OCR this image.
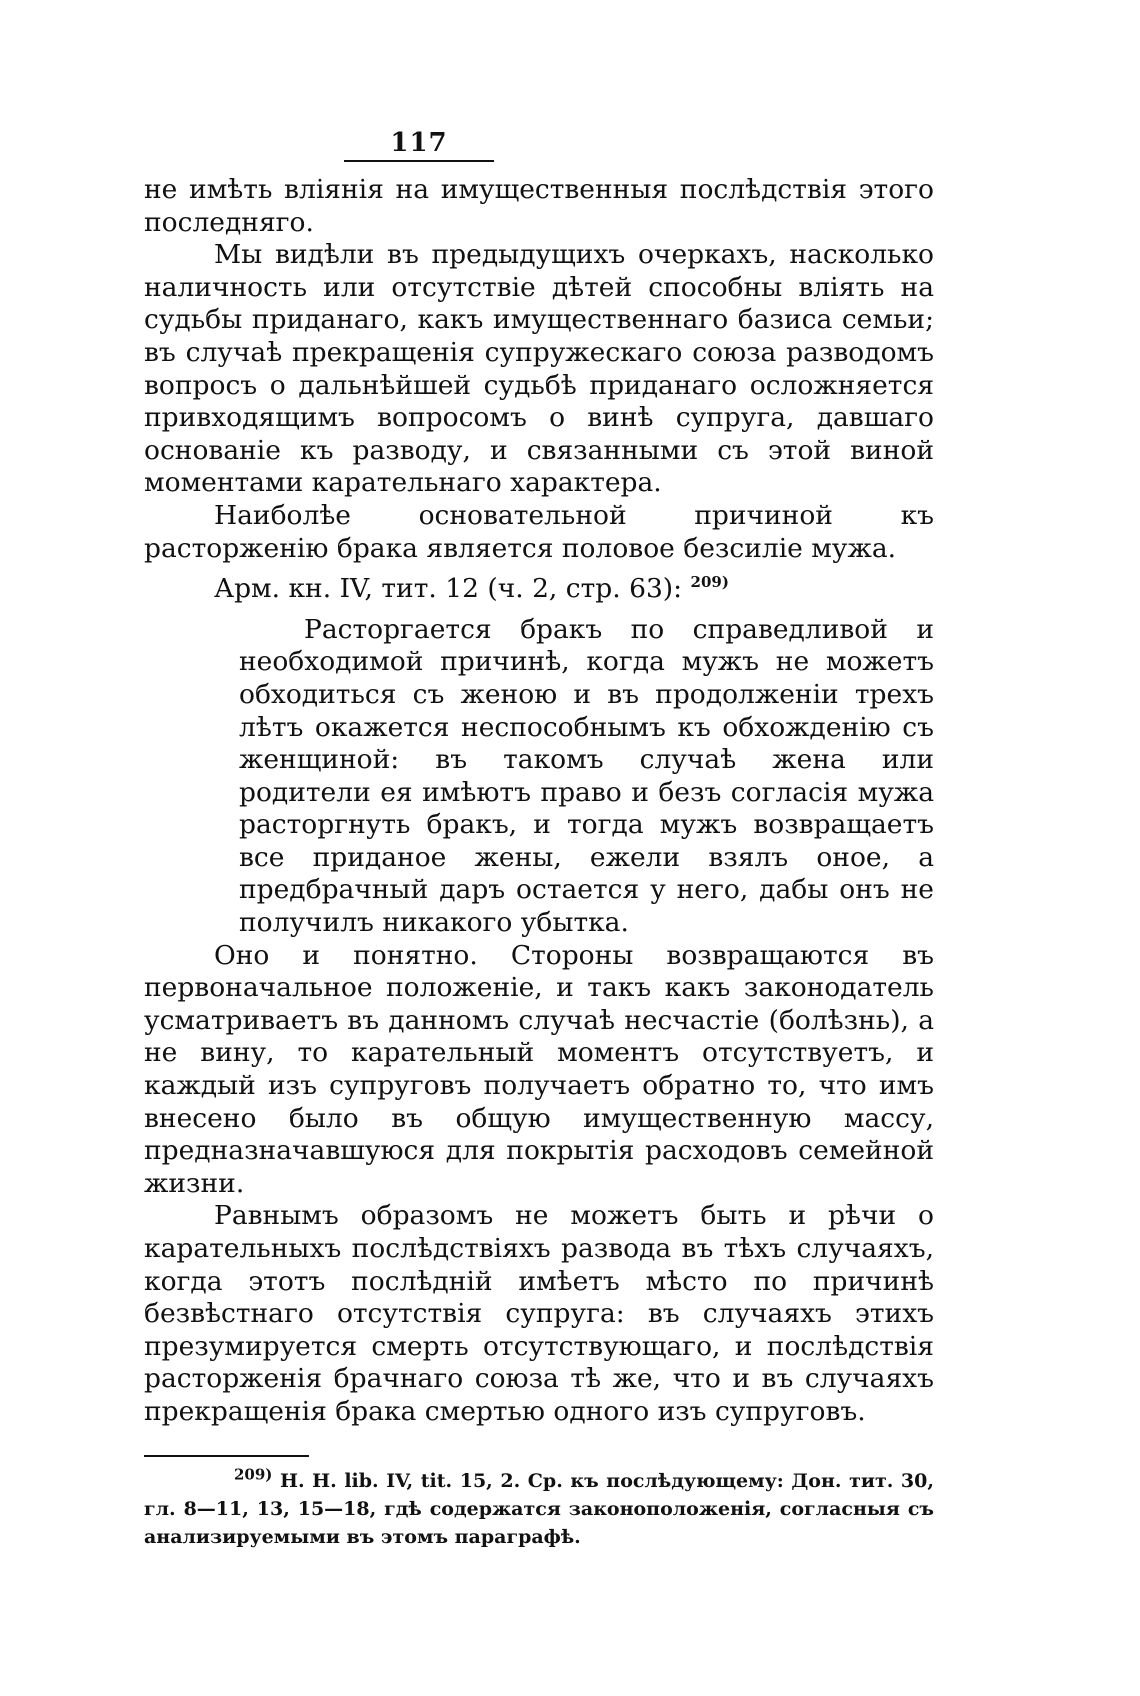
117

не имѣть вліянія на имущественныя послѣдствія этого последняго.

Мы видѣли въ предыдущихъ очеркахъ, насколько наличность или отсутствіе дѣтей способны вліять на судьбы приданаго, какъ имущественнаго базиса семьи; въ случаѣ прекращенія супружескаго союза разводомъ вопросъ о дальнѣйшей судьбѣ приданаго осложняется привходящимъ вопросомъ о винѣ супруга, давшаго основаніе къ разводу, и связанными съ этой виной моментами карательнаго характера.

Наиболѣе основательной причиной къ расторженію брака является половое безсиліе мужа.

Арм. кн. IV, тит. 12 (ч. 2, стр. 63): $^{209)}$

Расторгается бракъ по справедливой и необходимой причинѣ, когда мужъ не можетъ обходиться съ женою и въ продолженіи трехъ лѣтъ окажется неспособнымъ къ обхожденію съ женщиной: въ такомъ случаѣ жена или родители ея имѣютъ право и безъ согласія мужа расторгнуть бракъ, и тогда мужъ возвращаетъ все приданое жены, ежели взялъ оное, а предбрачный даръ остается у него, дабы онъ не получилъ никакого убытка.

Оно и понятно. Стороны возвращаются въ первоначальное положеніе, и такъ какъ законодатель усматриваетъ въ данномъ случаѣ несчастіе (болѣзнь), а не вину, то карательный моментъ отсутствуетъ, и каждый изъ супруговъ получаетъ обратно то, что имъ внесено было въ общую имущественную массу, предназначавшуюся для покрытія расходовъ семейной жизни.

Равнымъ образомъ не можетъ быть и рѣчи о карательныхъ послѣдствіяхъ развода въ тѣхъ случаяхъ, когда этотъ послѣдній имѣетъ мѣсто по причинѣ безвѣстнаго отсутствія супруга: въ случаяхъ этихъ презумируется смерть отсутствующаго, и послѣдствія расторженія брачнаго союза тѣ же, что и въ случаяхъ прекращенія брака смертью одного изъ супруговъ.

$^{209)}$ Н. Н. lib. IV, tit. 15, 2. Ср. къ послѣдующему: Дон. тит. 30, гл. 8—11, 13, 15—18, гдѣ содержатся законоположенія, согласныя съ анализируемыми въ этомъ параграфѣ.
